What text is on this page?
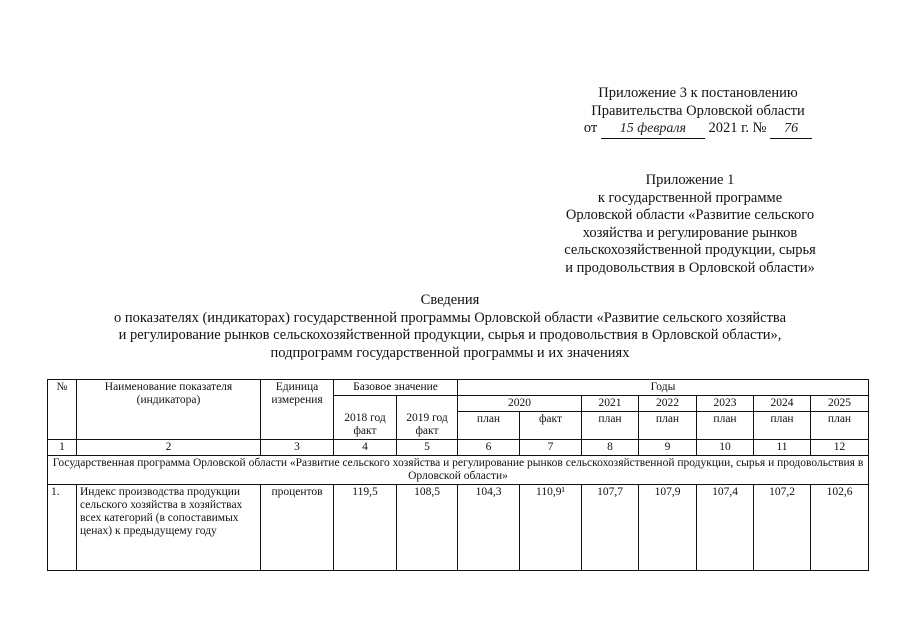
Приложение 3 к постановлению
Правительства Орловской области
от 15 февраля 2021 г. № 76
Приложение 1
к государственной программе
Орловской области «Развитие сельского
хозяйства и регулирование рынков
сельскохозяйственной продукции, сырья
и продовольствия в Орловской области»
Сведения
о показателях (индикаторах) государственной программы Орловской области «Развитие сельского хозяйства
и регулирование рынков сельскохозяйственной продукции, сырья и продовольствия в Орловской области»,
подпрограмм государственной программы и их значениях
№	Наименование показателя (индикатора)	Единица измерения	Базовое значение		Годы						
			2018 год факт	2019 год факт	2020		2021	2022	2023	2024	2025
					план	факт	план	план	план	план	план
1	2	3	4	5	6	7	8	9	10	11	12
Государственная программа Орловской области «Развитие сельского хозяйства и регулирование рынков сельскохозяйственной продукции, сырья и продовольствия в Орловской области»											
1.	Индекс производства продукции сельского хозяйства в хозяйствах всех категорий (в сопоставимых ценах) к предыдущему году	процентов	119,5	108,5	104,3	110,9¹	107,7	107,9	107,4	107,2	102,6
